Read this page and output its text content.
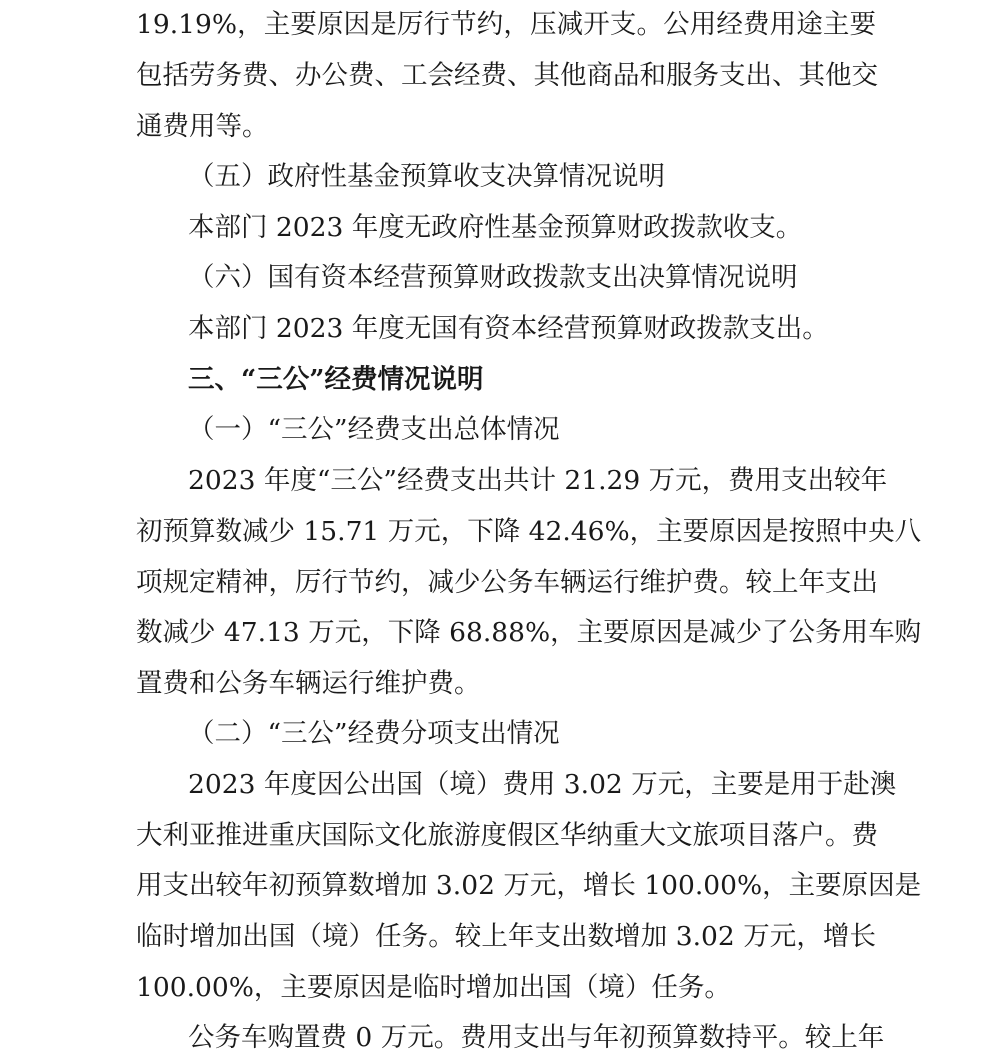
19.19%，主要原因是厉行节约，压减开支。公用经费用途主要
包括劳务费、办公费、工会经费、其他商品和服务支出、其他交
通费用等。
（五）政府性基金预算收支决算情况说明
本部门 2023 年度无政府性基金预算财政拨款收支。
（六）国有资本经营预算财政拨款支出决算情况说明
本部门 2023 年度无国有资本经营预算财政拨款支出。
三、“三公”经费情况说明
（一）“三公”经费支出总体情况
2023 年度“三公”经费支出共计 21.29 万元，费用支出较年
初预算数减少 15.71 万元，下降 42.46%，主要原因是按照中央八
项规定精神，厉行节约，减少公务车辆运行维护费。较上年支出
数减少 47.13 万元，下降 68.88%，主要原因是减少了公务用车购
置费和公务车辆运行维护费。
（二）“三公”经费分项支出情况
2023 年度因公出国（境）费用 3.02 万元，主要是用于赴澳
大利亚推进重庆国际文化旅游度假区华纳重大文旅项目落户。费
用支出较年初预算数增加 3.02 万元，增长 100.00%，主要原因是
临时增加出国（境）任务。较上年支出数增加 3.02 万元，增长
100.00%，主要原因是临时增加出国（境）任务。
公务车购置费 0 万元。费用支出与年初预算数持平。较上年
